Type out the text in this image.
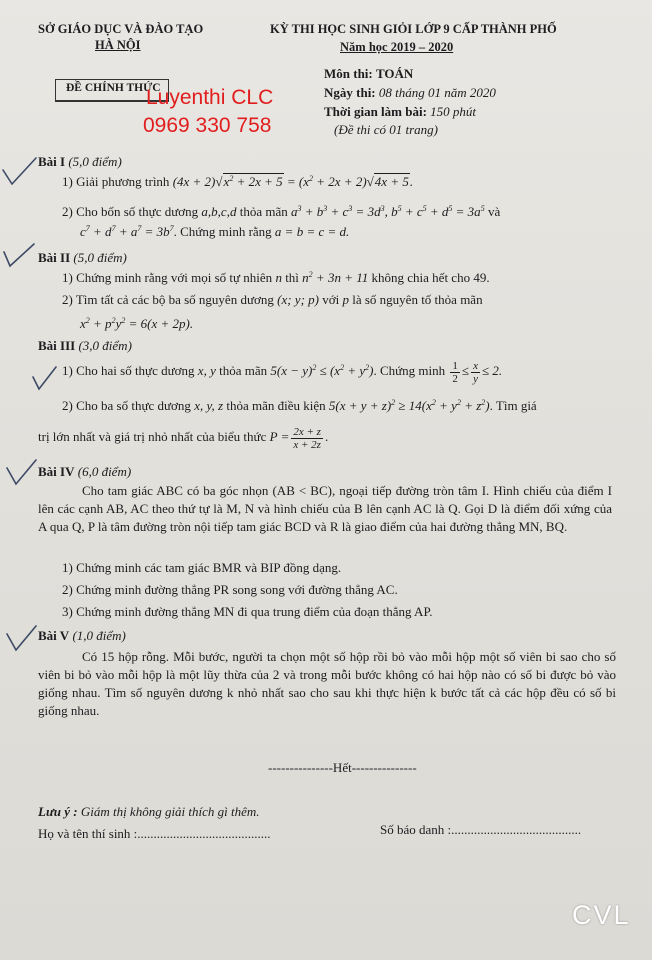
SỞ GIÁO DỤC VÀ ĐÀO TẠO
HÀ NỘI
ĐỀ CHÍNH THỨC
KỲ THI HỌC SINH GIỎI LỚP 9 CẤP THÀNH PHỐ
Năm học 2019 – 2020
Môn thi: TOÁN
Ngày thi: 08 tháng 01 năm 2020
Thời gian làm bài: 150 phút
(Đề thi có 01 trang)
Luyenthi CLC
0969 330 758
Bài I (5,0 điểm)
1) Giải phương trình $(4x + 2)√x^2 + 2x + 5 = (x^2 + 2x + 2)√4x + 5$.
2) Cho bốn số thực dương a,b,c,d thỏa mãn $a^3 + b^3 + c^3 = 3d^3$, $b^5 + c^5 + d^5 = 3a^5$ và
$c^7 + d^7 + a^7 = 3b^7$. Chứng minh rằng a = b = c = d.
Bài II (5,0 điểm)
1) Chứng minh rằng với mọi số tự nhiên n thì $n^2 + 3n + 11$ không chia hết cho 49.
2) Tìm tất cả các bộ ba số nguyên dương (x; y; p) với p là số nguyên tố thỏa mãn
$x^2 + p^2y^2 = 6(x + 2p)$.
Bài III (3,0 điểm)
1) Cho hai số thực dương x, y thỏa mãn $5(x - y)^2 \le (x^2 + y^2)$. Chứng minh $\frac{1}{2} \le \frac{x}{y} \le 2$.
2) Cho ba số thực dương x, y, z thỏa mãn điều kiện $5(x + y + z)^2 \ge 14(x^2 + y^2 + z^2)$. Tìm giá
trị lớn nhất và giá trị nhỏ nhất của biểu thức $P = \frac{2x + z}{x + 2z}$ .
Bài IV (6,0 điểm)
Cho tam giác ABC có ba góc nhọn (AB < BC), ngoại tiếp đường tròn tâm I. Hình chiếu của điểm I lên các cạnh AB, AC theo thứ tự là M, N và hình chiếu của B lên cạnh AC là Q. Gọi D là điểm đối xứng của A qua Q, P là tâm đường tròn nội tiếp tam giác BCD và R là giao điểm của hai đường thẳng MN, BQ.
1) Chứng minh các tam giác BMR và BIP đồng dạng.
2) Chứng minh đường thẳng PR song song với đường thẳng AC.
3) Chứng minh đường thẳng MN đi qua trung điểm của đoạn thẳng AP.
Bài V (1,0 điểm)
Có 15 hộp rỗng. Mỗi bước, người ta chọn một số hộp rồi bỏ vào mỗi hộp một số viên bi sao cho số viên bi bỏ vào mỗi hộp là một lũy thừa của 2 và trong mỗi bước không có hai hộp nào có số bi được bỏ vào giống nhau. Tìm số nguyên dương k nhỏ nhất sao cho sau khi thực hiện k bước tất cả các hộp đều có số bi giống nhau.
---------------Hết---------------
Lưu ý : Giám thị không giải thích gì thêm.
Họ và tên thí sinh :.........................................	Số báo danh :........................................
CVL
